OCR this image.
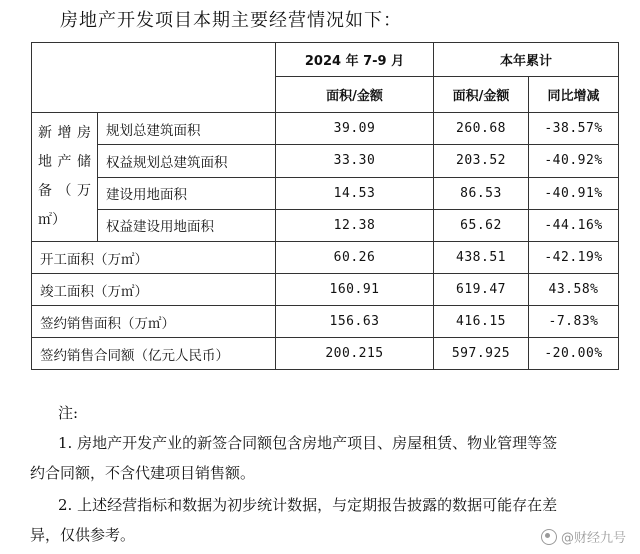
房地产开发项目本期主要经营情况如下：
		2024 年 7-9 月	本年累计	
		面积/金额	面积/金额	同比增减
新增房地产储备（万㎡）	规划总建筑面积	39.09	260.68	-38.57%
	权益规划总建筑面积	33.30	203.52	-40.92%
	建设用地面积	14.53	86.53	-40.91%
	权益建设用地面积	12.38	65.62	-44.16%
开工面积（万㎡）		60.26	438.51	-42.19%
竣工面积（万㎡）		160.91	619.47	43.58%
签约销售面积（万㎡）		156.63	416.15	-7.83%
签约销售合同额（亿元人民币）		200.215	597.925	-20.00%
注:
1. 房地产开发产业的新签合同额包含房地产项目、房屋租赁、物业管理等签
约合同额，不含代建项目销售额。
2. 上述经营指标和数据为初步统计数据，与定期报告披露的数据可能存在差
异，仅供参考。	@财经九号
